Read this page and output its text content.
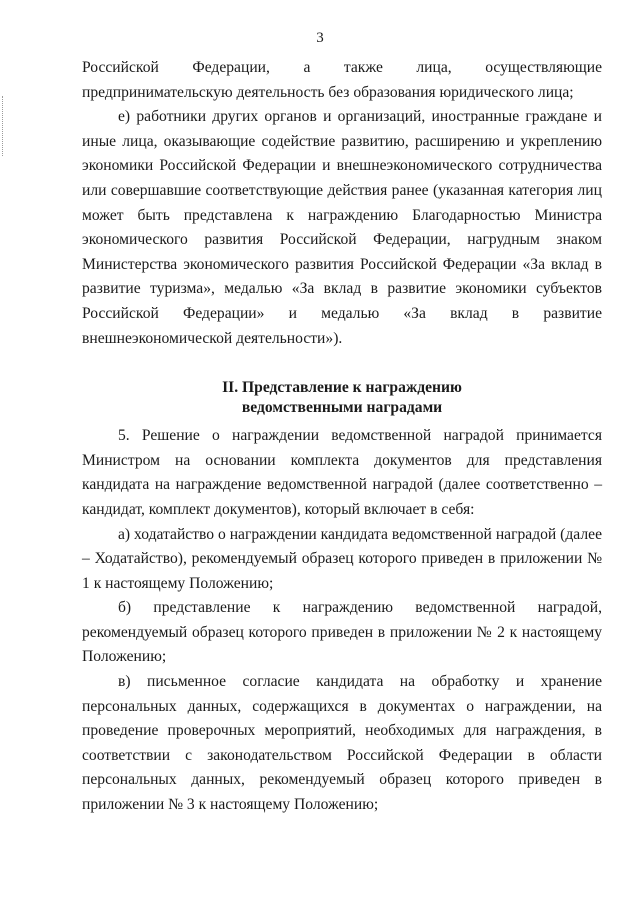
3

Российской Федерации, а также лица, осуществляющие предпринимательскую деятельность без образования юридического лица;

е) работники других органов и организаций, иностранные граждане и иные лица, оказывающие содействие развитию, расширению и укреплению экономики Российской Федерации и внешнеэкономического сотрудничества или совершавшие соответствующие действия ранее (указанная категория лиц может быть представлена к награждению Благодарностью Министра экономического развития Российской Федерации, нагрудным знаком Министерства экономического развития Российской Федерации «За вклад в развитие туризма», медалью «За вклад в развитие экономики субъектов Российской Федерации» и медалью «За вклад в развитие внешнеэкономической деятельности»).

II. Представление к награждению
ведомственными наградами

5. Решение о награждении ведомственной наградой принимается Министром на основании комплекта документов для представления кандидата на награждение ведомственной наградой (далее соответственно – кандидат, комплект документов), который включает в себя:

а) ходатайство о награждении кандидата ведомственной наградой (далее – Ходатайство), рекомендуемый образец которого приведен в приложении № 1 к настоящему Положению;

б) представление к награждению ведомственной наградой, рекомендуемый образец которого приведен в приложении № 2 к настоящему Положению;

в) письменное согласие кандидата на обработку и хранение персональных данных, содержащихся в документах о награждении, на проведение проверочных мероприятий, необходимых для награждения, в соответствии с законодательством Российской Федерации в области персональных данных, рекомендуемый образец которого приведен в приложении № 3 к настоящему Положению;
